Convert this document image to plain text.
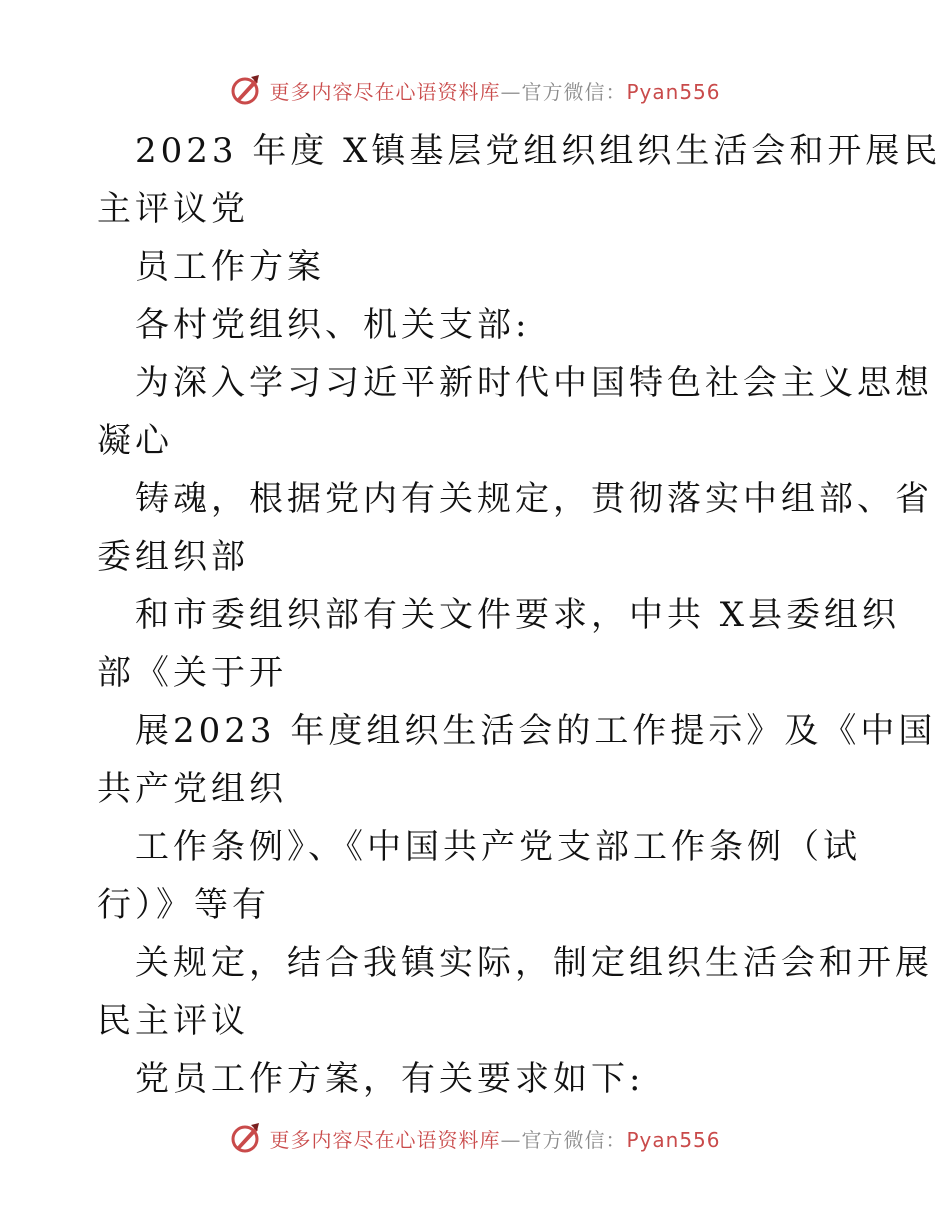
更多内容尽在心语资料库—官方微信：Pyan556
2023 年度 X镇基层党组织组织生活会和开展民
主评议党
员工作方案
各村党组织、机关支部:
为深入学习习近平新时代中国特色社会主义思想
凝心
铸魂，根据党内有关规定，贯彻落实中组部、省
委组织部
和市委组织部有关文件要求，中共 X县委组织
部《关于开
展2023 年度组织生活会的工作提示》及《中国
共产党组织
工作条例》、《中国共产党支部工作条例（试
行）》等有
关规定，结合我镇实际，制定组织生活会和开展
民主评议
党员工作方案，有关要求如下:
更多内容尽在心语资料库—官方微信：Pyan556
